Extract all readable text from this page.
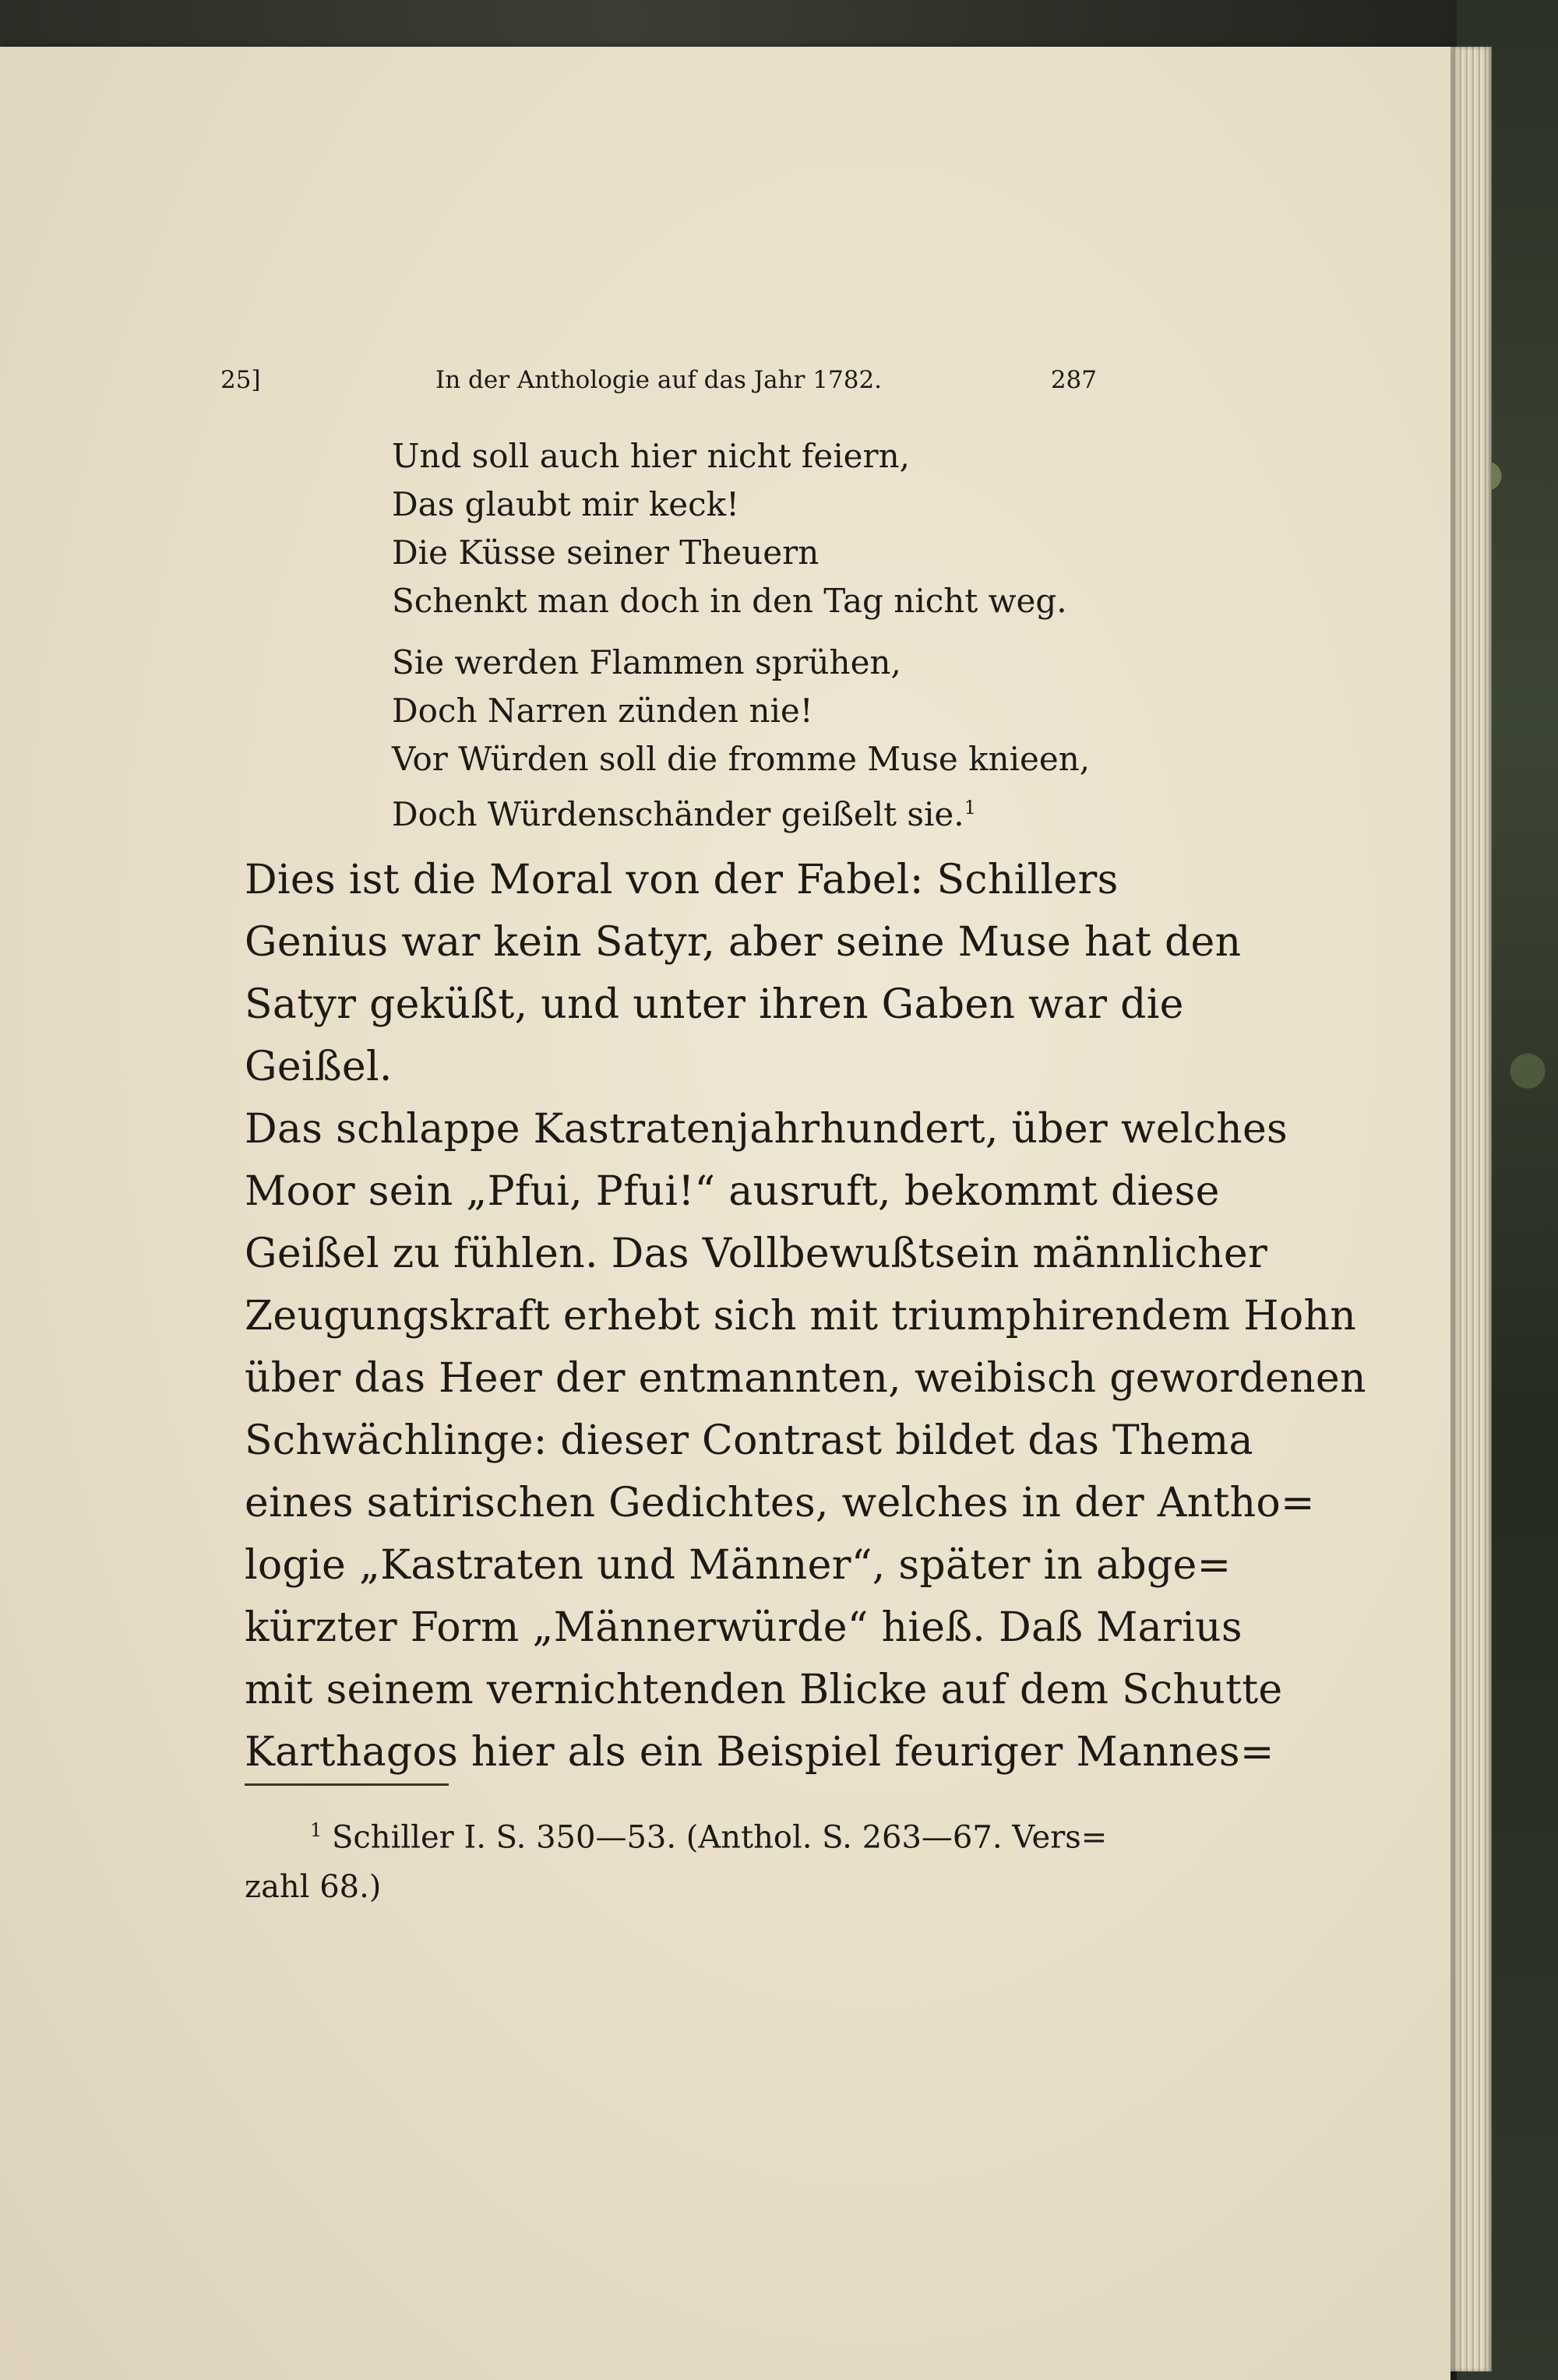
25]	In der Anthologie auf das Jahr 1782.	287
Und soll auch hier nicht feiern,
Das glaubt mir keck!
Die Küsse seiner Theuern
Schenkt man doch in den Tag nicht weg.
Sie werden Flammen sprühen,
Doch Narren zünden nie!
Vor Würden soll die fromme Muse knieen,
Doch Würdenschänder geißelt sie.$^1$
Dies ist die Moral von der Fabel: Schillers
Genius war kein Satyr, aber seine Muse hat den
Satyr geküßt, und unter ihren Gaben war die
Geißel.
Das schlappe Kastratenjahrhundert, über welches
Moor sein „Pfui, Pfui!“ ausruft, bekommt diese
Geißel zu fühlen. Das Vollbewußtsein männlicher
Zeugungskraft erhebt sich mit triumphirendem Hohn
über das Heer der entmannten, weibisch gewordenen
Schwächlinge: dieser Contrast bildet das Thema
eines satirischen Gedichtes, welches in der Antho=
logie „Kastraten und Männer“, später in abge=
kürzter Form „Männerwürde“ hieß. Daß Marius
mit seinem vernichtenden Blicke auf dem Schutte
Karthagos hier als ein Beispiel feuriger Mannes=
$^1$ Schiller I. S. 350—53. (Anthol. S. 263—67. Vers=
zahl 68.)
